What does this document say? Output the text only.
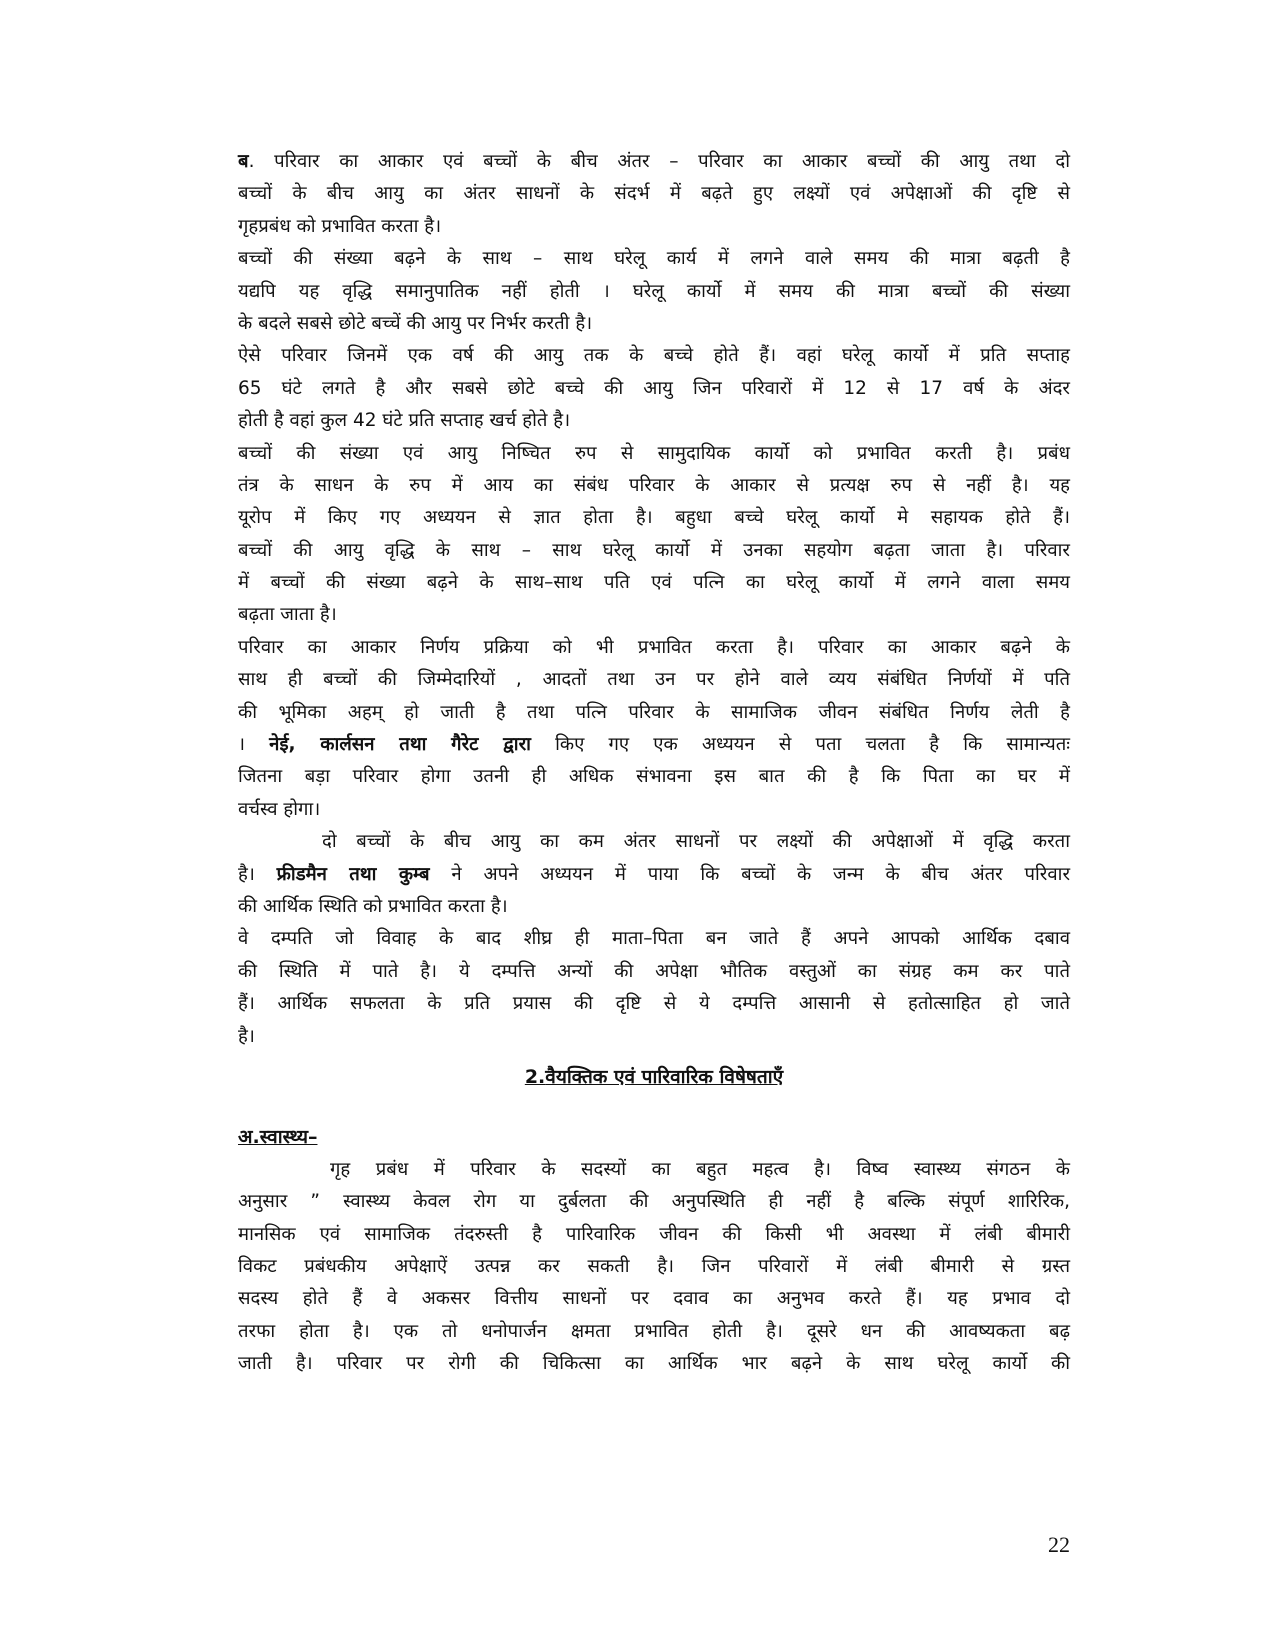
ब. परिवार का आकार एवं बच्चों के बीच अंतर – परिवार का आकार बच्चों की आयु तथा दो
बच्चों के बीच आयु का अंतर साधनों के संदर्भ में बढ़ते हुए लक्ष्यों एवं अपेक्षाओं की दृष्टि से
गृहप्रबंध को प्रभावित करता है।
बच्चों की संख्या बढ़ने के साथ – साथ घरेलू कार्य में लगने वाले समय की मात्रा बढ़ती है
यद्यपि यह वृद्धि समानुपातिक नहीं होती । घरेलू कार्यो में समय की मात्रा बच्चों की संख्या
के बदले सबसे छोटे बच्चें की आयु पर निर्भर करती है।
ऐसे परिवार जिनमें एक वर्ष की आयु तक के बच्चे होते हैं। वहां घरेलू कार्यो में प्रति सप्ताह
65 घंटे लगते है और सबसे छोटे बच्चे की आयु जिन परिवारों में 12 से 17 वर्ष के अंदर
होती है वहां कुल 42 घंटे प्रति सप्ताह खर्च होते है।
बच्चों की संख्या एवं आयु निष्चित रुप से सामुदायिक कार्यो को प्रभावित करती है। प्रबंध
तंत्र के साधन के रुप में आय का संबंध परिवार के आकार से प्रत्यक्ष रुप से नहीं है। यह
यूरोप में किए गए अध्ययन से ज्ञात होता है। बहुधा बच्चे घरेलू कार्यो मे सहायक होते हैं।
बच्चों की आयु वृद्धि के साथ – साथ घरेलू कार्यो में उनका सहयोग बढ़ता जाता है। परिवार
में बच्चों की संख्या बढ़ने के साथ–साथ पति एवं पत्नि का घरेलू कार्यो में लगने वाला समय
बढ़ता जाता है।
परिवार का आकार निर्णय प्रक्रिया को भी प्रभावित करता है। परिवार का आकार बढ़ने के
साथ ही बच्चों की जिम्मेदारियों , आदतों तथा उन पर होने वाले व्यय संबंधित निर्णयों में पति
की भूमिका अहम् हो जाती है तथा पत्नि परिवार के सामाजिक जीवन संबंधित निर्णय लेती है
। नेई, कार्लसन तथा गैरेट द्वारा किए गए एक अध्ययन से पता चलता है कि सामान्यतः
जितना बड़ा परिवार होगा उतनी ही अधिक संभावना इस बात की है कि पिता का घर में
वर्चस्व होगा।
दो बच्चों के बीच आयु का कम अंतर साधनों पर लक्ष्यों की अपेक्षाओं में वृद्धि करता
है। फ्रीडमैन तथा कुम्ब ने अपने अध्ययन में पाया कि बच्चों के जन्म के बीच अंतर परिवार
की आर्थिक स्थिति को प्रभावित करता है।
वे दम्पति जो विवाह के बाद शीघ्र ही माता–पिता बन जाते हैं अपने आपको आर्थिक दबाव
की स्थिति में पाते है। ये दम्पत्ति अन्यों की अपेक्षा भौतिक वस्तुओं का संग्रह कम कर पाते
हैं। आर्थिक सफलता के प्रति प्रयास की दृष्टि से ये दम्पत्ति आसानी से हतोत्साहित हो जाते
है।
2.वैयक्तिक एवं पारिवारिक विषेषताएँ
अ.स्वास्थ्य–
गृह प्रबंध में परिवार के सदस्यों का बहुत महत्व है। विष्व स्वास्थ्य संगठन के
अनुसार ” स्वास्थ्य केवल रोग या दुर्बलता की अनुपस्थिति ही नहीं है बल्कि संपूर्ण शारिरिक,
मानसिक एवं सामाजिक तंदरुस्ती है पारिवारिक जीवन की किसी भी अवस्था में लंबी बीमारी
विकट प्रबंधकीय अपेक्षाऐं उत्पन्न कर सकती है। जिन परिवारों में लंबी बीमारी से ग्रस्त
सदस्य होते हैं वे अकसर वित्तीय साधनों पर दवाव का अनुभव करते हैं। यह प्रभाव दो
तरफा होता है। एक तो धनोपार्जन क्षमता प्रभावित होती है। दूसरे धन की आवष्यकता बढ़
जाती है। परिवार पर रोगी की चिकित्सा का आर्थिक भार बढ़ने के साथ घरेलू कार्यो की
22
